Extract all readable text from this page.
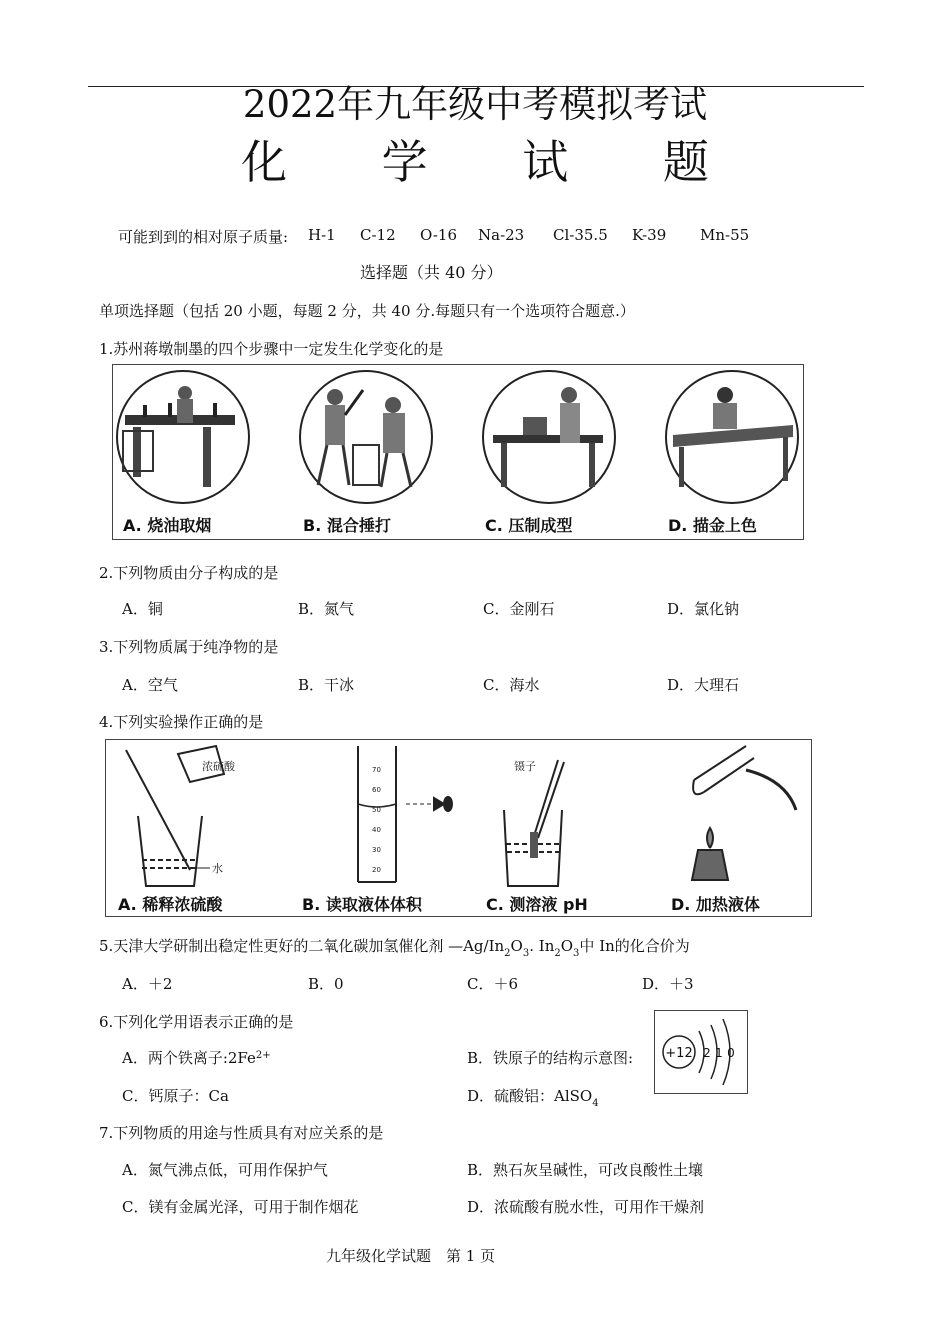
2022年九年级中考模拟考试
化 学 试 题
可能到到的相对原子质量: H-1 C-12 O-16 Na-23 Cl-35.5 K-39 Mn-55
选择题（共 40 分）
单项选择题（包括 20 小题，每题 2 分，共 40 分.每题只有一个选项符合题意.）
1.苏州蒋墩制墨的四个步骤中一定发生化学变化的是
A. 烧油取烟	B. 混合捶打	C. 压制成型	D. 描金上色
2.下列物质由分子构成的是
A．铜	B．氮气	C．金刚石	D．氯化钠
3.下列物质属于纯净物的是
A．空气	B．干冰	C．海水	D．大理石
4.下列实验操作正确的是
浓硫酸
水
70
60
50
40
30
20
镊子
A. 稀释浓硫酸	B. 读取液体体积	C. 测溶液 pH	D. 加热液体
5.天津大学研制出稳定性更好的二氧化碳加氢催化剂 $—Ag/In_2O_3$. $In_2O_3$中 In的化合价为
A．＋2	B．0	C．＋6	D．＋3
6.下列化学用语表示正确的是
A．两个铁离子$:2Fe^{2+}$	B．铁原子的结构示意图: +12 2 1 0
C．钙原子：Ca	D．硫酸铝：AlSO$_4$
7.下列物质的用途与性质具有对应关系的是
A．氮气沸点低，可用作保护气	B．熟石灰呈碱性，可改良酸性土壤
C．镁有金属光泽，可用于制作烟花	D．浓硫酸有脱水性，可用作干燥剂
九年级化学试题　第 1 页
